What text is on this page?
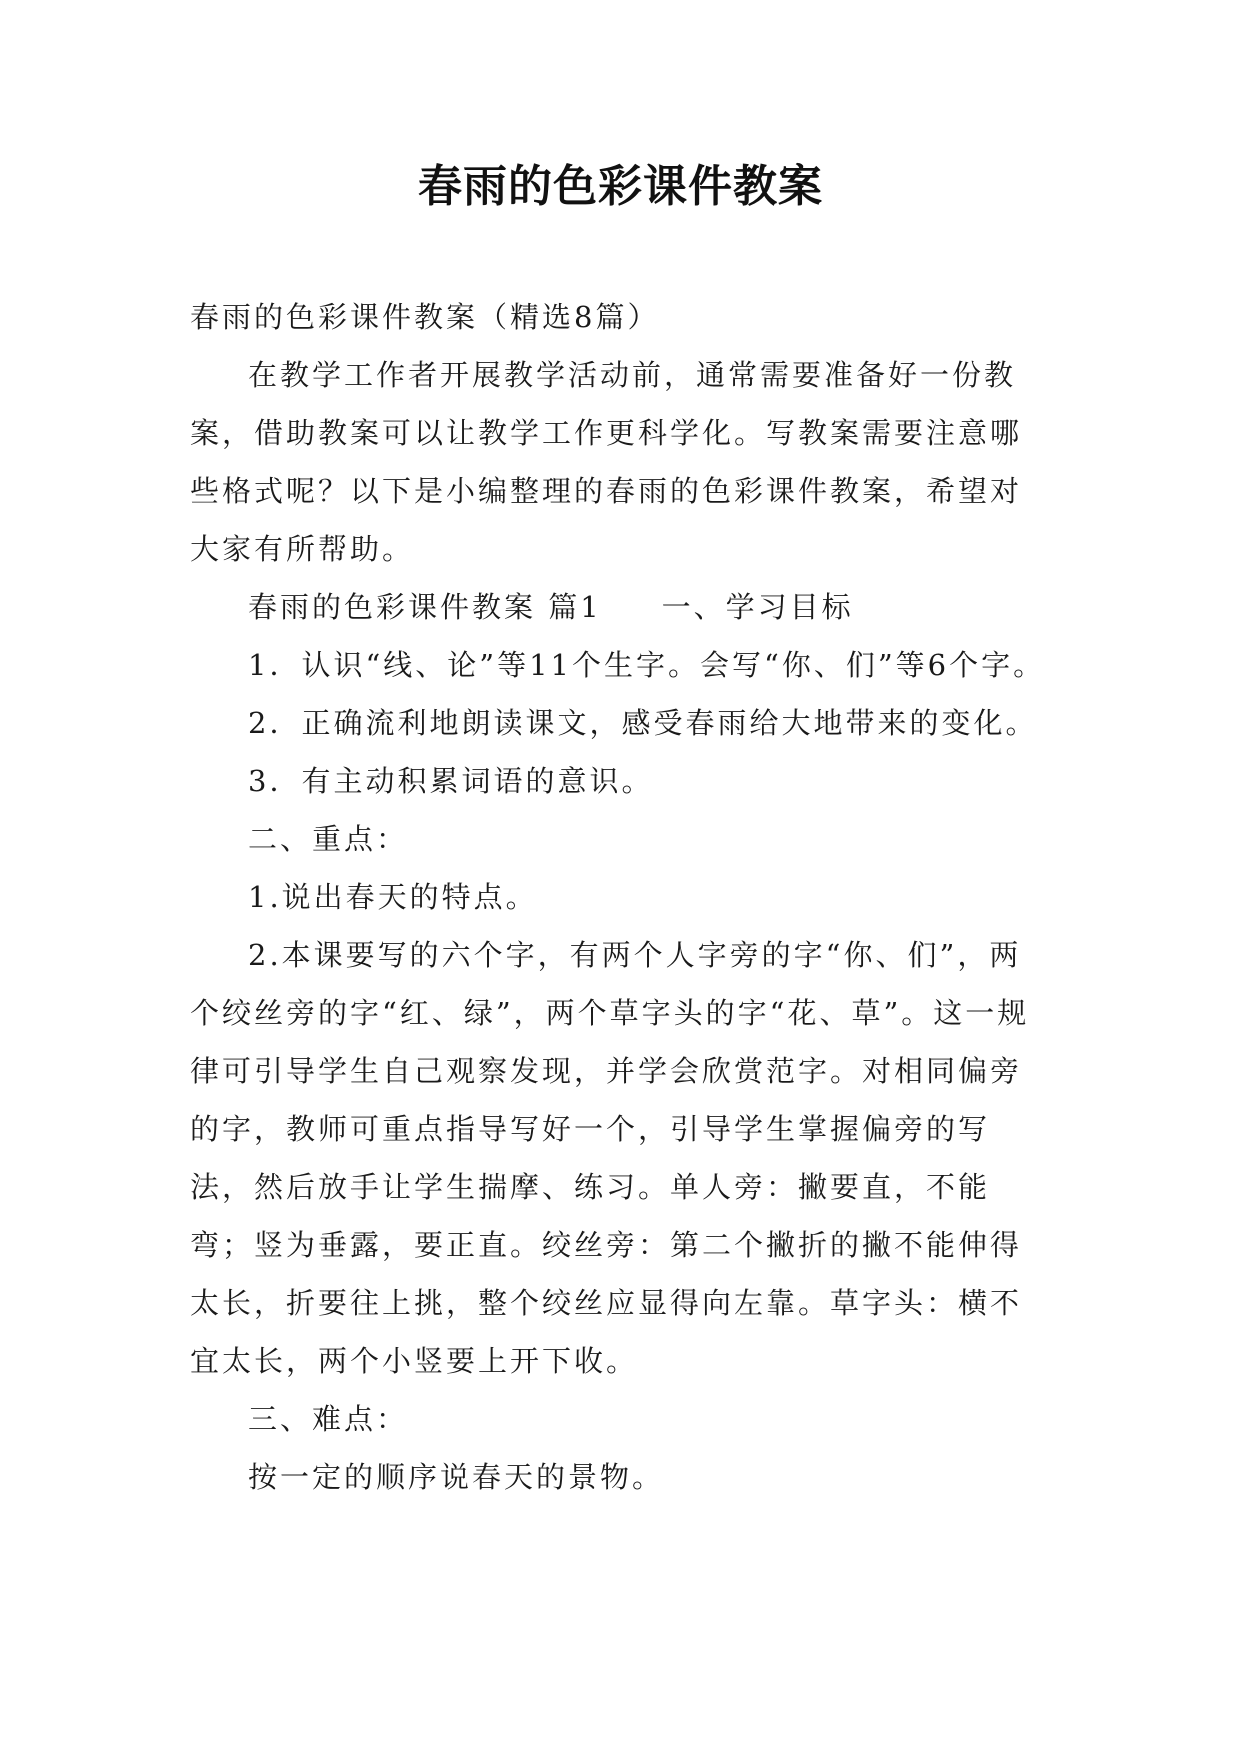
春雨的色彩课件教案

春雨的色彩课件教案（精选8篇）

在教学工作者开展教学活动前，通常需要准备好一份教案，借助教案可以让教学工作更科学化。写教案需要注意哪些格式呢？以下是小编整理的春雨的色彩课件教案，希望对大家有所帮助。

春雨的色彩课件教案 篇1 一、学习目标

1．认识“线、论”等11个生字。会写“你、们”等6个字。

2．正确流利地朗读课文，感受春雨给大地带来的变化。

3．有主动积累词语的意识。

二、重点：

1.说出春天的特点。

2.本课要写的六个字，有两个人字旁的字“你、们”，两个绞丝旁的字“红、绿”，两个草字头的字“花、草”。这一规律可引导学生自己观察发现，并学会欣赏范字。对相同偏旁的字，教师可重点指导写好一个，引导学生掌握偏旁的写法，然后放手让学生揣摩、练习。单人旁：撇要直，不能弯；竖为垂露，要正直。绞丝旁：第二个撇折的撇不能伸得太长，折要往上挑，整个绞丝应显得向左靠。草字头：横不宜太长，两个小竖要上开下收。

三、难点：

按一定的顺序说春天的景物。
